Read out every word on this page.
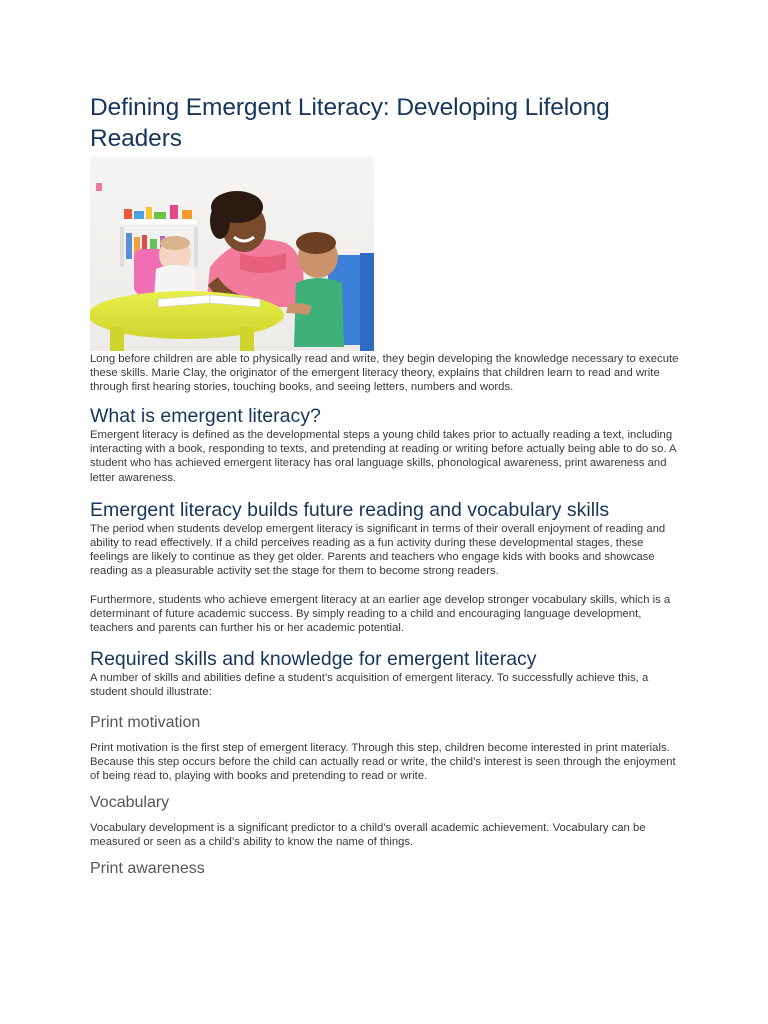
Defining Emergent Literacy: Developing Lifelong Readers

Long before children are able to physically read and write, they begin developing the knowledge necessary to execute these skills. Marie Clay, the originator of the emergent literacy theory, explains that children learn to read and write through first hearing stories, touching books, and seeing letters, numbers and words.

What is emergent literacy?

Emergent literacy is defined as the developmental steps a young child takes prior to actually reading a text, including interacting with a book, responding to texts, and pretending at reading or writing before actually being able to do so. A student who has achieved emergent literacy has oral language skills, phonological awareness, print awareness and letter awareness.

Emergent literacy builds future reading and vocabulary skills

The period when students develop emergent literacy is significant in terms of their overall enjoyment of reading and ability to read effectively. If a child perceives reading as a fun activity during these developmental stages, these feelings are likely to continue as they get older. Parents and teachers who engage kids with books and showcase reading as a pleasurable activity set the stage for them to become strong readers.

Furthermore, students who achieve emergent literacy at an earlier age develop stronger vocabulary skills, which is a determinant of future academic success. By simply reading to a child and encouraging language development, teachers and parents can further his or her academic potential.

Required skills and knowledge for emergent literacy

A number of skills and abilities define a student’s acquisition of emergent literacy. To successfully achieve this, a student should illustrate:

Print motivation

Print motivation is the first step of emergent literacy. Through this step, children become interested in print materials. Because this step occurs before the child can actually read or write, the child’s interest is seen through the enjoyment of being read to, playing with books and pretending to read or write.

Vocabulary

Vocabulary development is a significant predictor to a child’s overall academic achievement. Vocabulary can be measured or seen as a child’s ability to know the name of things.

Print awareness
